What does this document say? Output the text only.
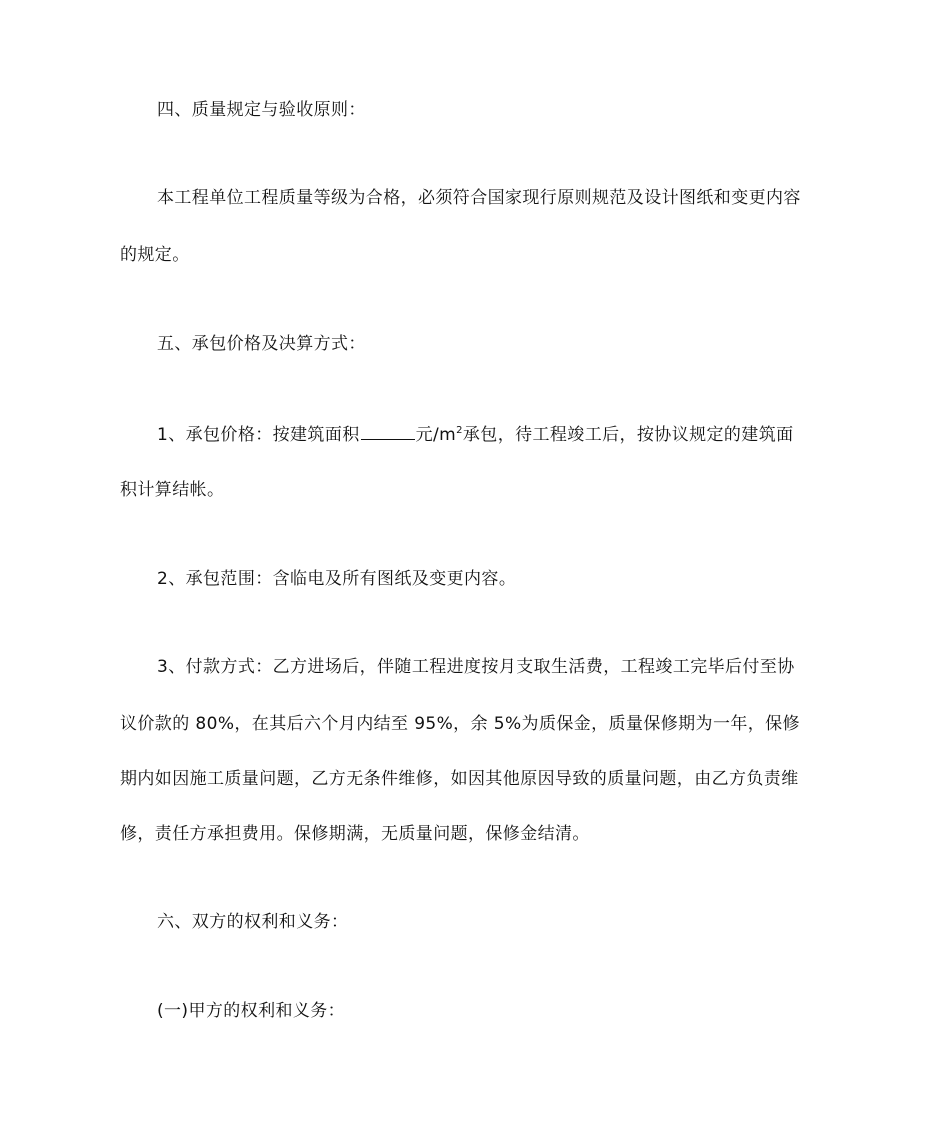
四、质量规定与验收原则：
本工程单位工程质量等级为合格，必须符合国家现行原则规范及设计图纸和变更内容
的规定。
五、承包价格及决算方式：
1、承包价格：按建筑面积	元$/m^2$承包，待工程竣工后，按协议规定的建筑面
积计算结帐。
2、承包范围：含临电及所有图纸及变更内容。
3、付款方式：乙方进场后，伴随工程进度按月支取生活费，工程竣工完毕后付至协
议价款的 80%，在其后六个月内结至 95%，余 5%为质保金，质量保修期为一年，保修
期内如因施工质量问题，乙方无条件维修，如因其他原因导致的质量问题，由乙方负责维
修，责任方承担费用。保修期满，无质量问题，保修金结清。
六、双方的权利和义务：
(一)甲方的权利和义务：
